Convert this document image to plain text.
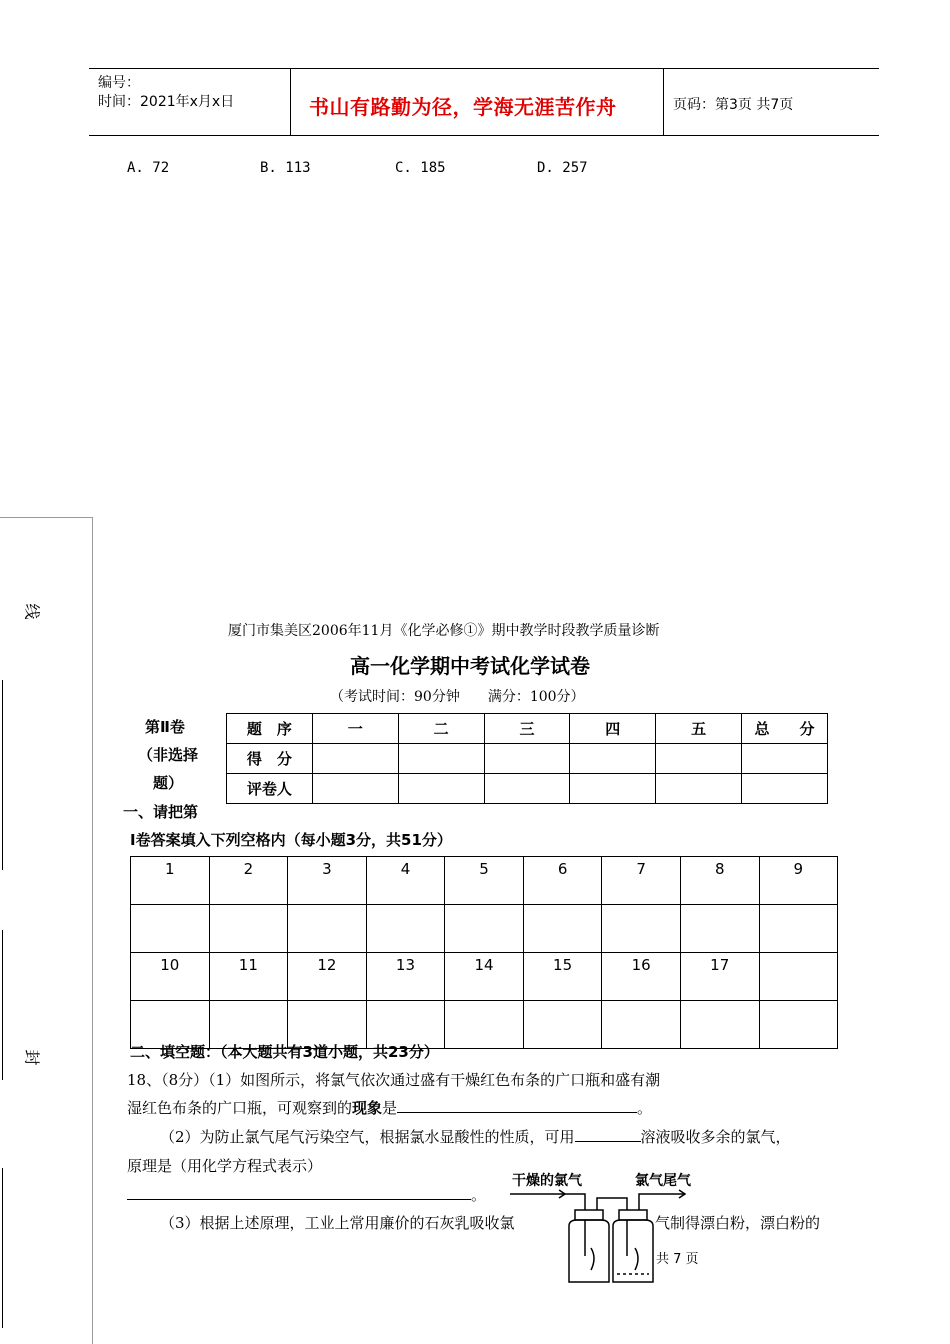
编号：
时间：2021年x月x日	书山有路勤为径，学海无涯苦作舟	页码：第3页 共7页
A. 72	B. 113	C. 185	D. 257
线
封
厦门市集美区2006年11月《化学必修①》期中教学时段教学质量诊断
高一化学期中考试化学试卷
（考试时间：90分钟　　满分：100分）
第Ⅱ卷
（非选择
题）
题　序	一	二	三	四	五	总　　分
得　分						
评卷人						
一、请把第
Ⅰ卷答案填入下列空格内（每小题3分，共51分）
1	2	3	4	5	6	7	8	9

10	11	12	13	14	15	16	17	

二、填空题：（本大题共有3道小题，共23分）
18、（8分）（1）如图所示，将氯气依次通过盛有干燥红色布条的广口瓶和盛有潮
湿红色布条的广口瓶，可观察到的现象是	。
（2）为防止氯气尾气污染空气，根据氯水显酸性的性质，可用	溶液吸收多余的氯气，
原理是（用化学方程式表示）
。
（3）根据上述原理，工业上常用廉价的石灰乳吸收氯	气制得漂白粉，漂白粉的
干燥的氯气	氯气尾气
共 7 页
